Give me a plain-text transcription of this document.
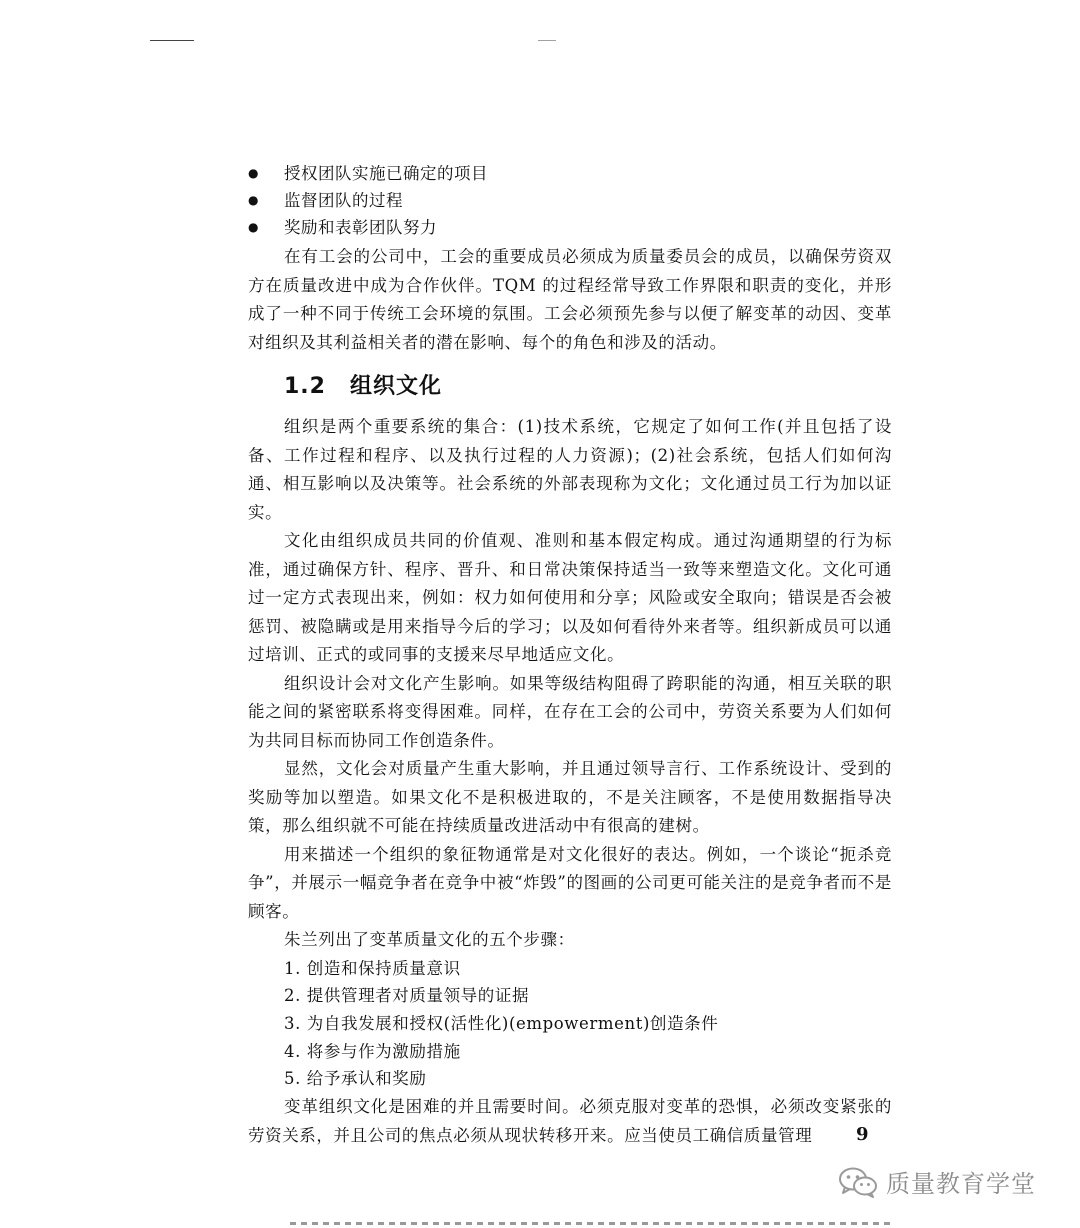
● 授权团队实施已确定的项目
● 监督团队的过程
● 奖励和表彰团队努力

在有工会的公司中，工会的重要成员必须成为质量委员会的成员，以确保劳资双方在质量改进中成为合作伙伴。TQM 的过程经常导致工作界限和职责的变化，并形成了一种不同于传统工会环境的氛围。工会必须预先参与以便了解变革的动因、变革对组织及其利益相关者的潜在影响、每个的角色和涉及的活动。

1.2 组织文化

组织是两个重要系统的集合：(1)技术系统，它规定了如何工作(并且包括了设备、工作过程和程序、以及执行过程的人力资源)；(2)社会系统，包括人们如何沟通、相互影响以及决策等。社会系统的外部表现称为文化；文化通过员工行为加以证实。

文化由组织成员共同的价值观、准则和基本假定构成。通过沟通期望的行为标准，通过确保方针、程序、晋升、和日常决策保持适当一致等来塑造文化。文化可通过一定方式表现出来，例如：权力如何使用和分享；风险或安全取向；错误是否会被惩罚、被隐瞒或是用来指导今后的学习；以及如何看待外来者等。组织新成员可以通过培训、正式的或同事的支援来尽早地适应文化。

组织设计会对文化产生影响。如果等级结构阻碍了跨职能的沟通，相互关联的职能之间的紧密联系将变得困难。同样，在存在工会的公司中，劳资关系要为人们如何为共同目标而协同工作创造条件。

显然，文化会对质量产生重大影响，并且通过领导言行、工作系统设计、受到的奖励等加以塑造。如果文化不是积极进取的，不是关注顾客，不是使用数据指导决策，那么组织就不可能在持续质量改进活动中有很高的建树。

用来描述一个组织的象征物通常是对文化很好的表达。例如，一个谈论“扼杀竞争”，并展示一幅竞争者在竞争中被“炸毁”的图画的公司更可能关注的是竞争者而不是顾客。

朱兰列出了变革质量文化的五个步骤：

1. 创造和保持质量意识
2. 提供管理者对质量领导的证据
3. 为自我发展和授权(活性化)(empowerment)创造条件
4. 将参与作为激励措施
5. 给予承认和奖励

变革组织文化是困难的并且需要时间。必须克服对变革的恐惧，必须改变紧张的劳资关系，并且公司的焦点必须从现状转移开来。应当使员工确信质量管理	9
质量教育学堂
